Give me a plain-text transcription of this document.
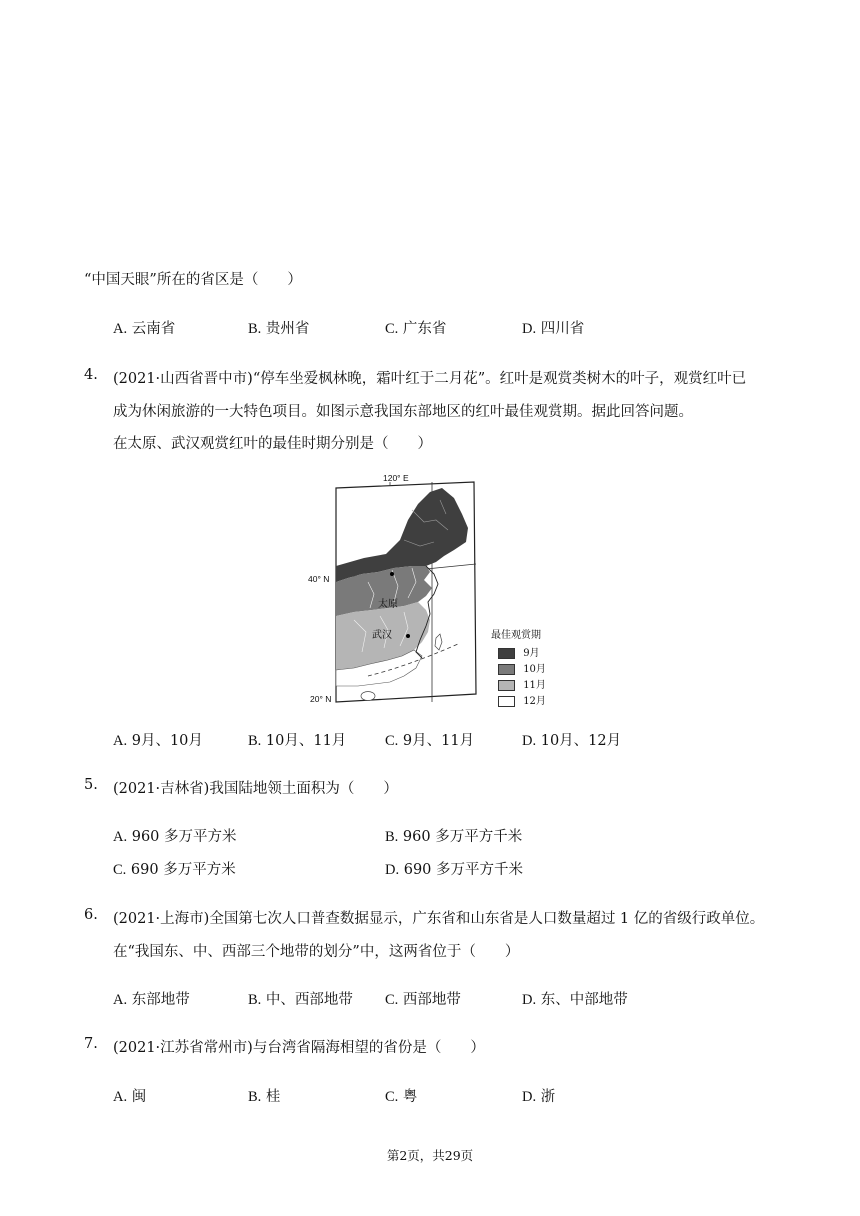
“中国天眼”所在的省区是（　　）
A. 云南省	B. 贵州省	C. 广东省	D. 四川省
4. (2021·山西省晋中市)“停车坐爱枫林晚，霜叶红于二月花”。红叶是观赏类树木的叶子，观赏红叶已
成为休闲旅游的一大特色项目。如图示意我国东部地区的红叶最佳观赏期。据此回答问题。
在太原、武汉观赏红叶的最佳时期分别是（　　）
120° E
40° N
20° N
太原
武汉	最佳观赏期
9月
10月
11月
12月
A. 9月、10月	B. 10月、11月	C. 9月、11月	D. 10月、12月
5. (2021·吉林省)我国陆地领土面积为（　　）
A. 960 多万平方米	B. 960 多万平方千米
C. 690 多万平方米	D. 690 多万平方千米
6. (2021·上海市)全国第七次人口普查数据显示，广东省和山东省是人口数量超过 1 亿的省级行政单位。
在“我国东、中、西部三个地带的划分”中，这两省位于（　　）
A. 东部地带	B. 中、西部地带 C. 西部地带	D. 东、中部地带
7. (2021·江苏省常州市)与台湾省隔海相望的省份是（　　）
A. 闽	B. 桂	C. 粤	D. 浙
第2页，共29页
